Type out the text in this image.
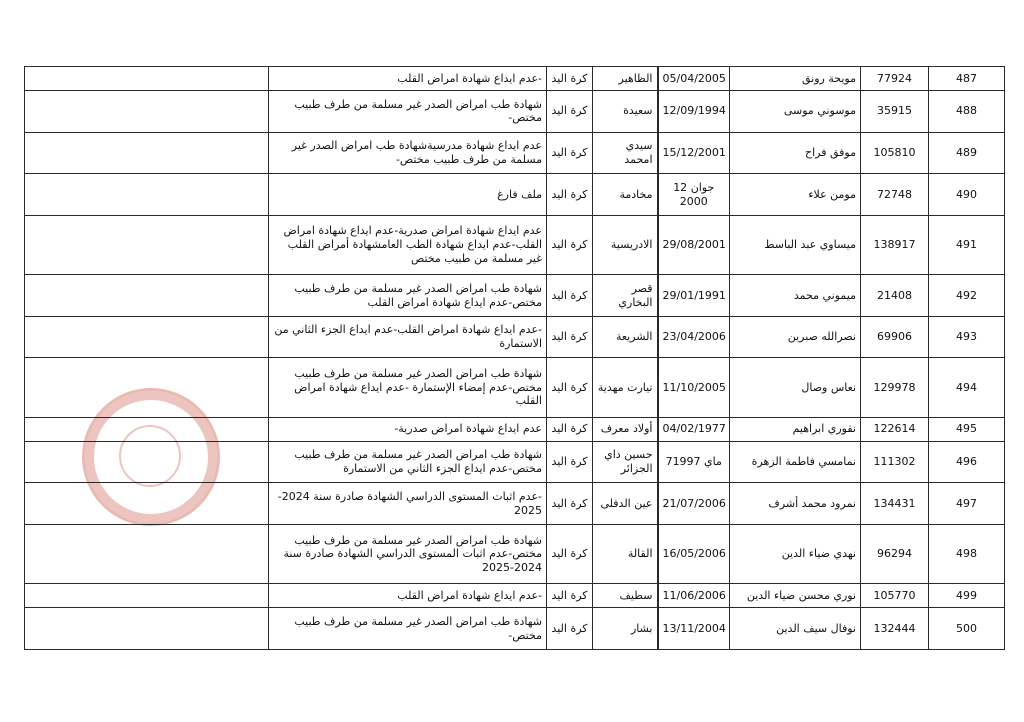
487	77924	مويحة رونق	05/04/2005	الظاهير	كرة اليد	-عدم ايداع شهادة امراض القلب	
488	35915	موسوني موسى	12/09/1994	سعيدة	كرة اليد	شهادة طب امراض الصدر غير مسلمة من طرف طبيب مختص-	
489	105810	موفق فراح	15/12/2001	سيدي امحمد	كرة اليد	عدم ايداع شهادة مدرسيةشهادة طب امراض الصدر غير مسلمة من طرف طبيب مختص-	
490	72748	مومن علاء	12 جوان 2000	مخادمة	كرة اليد	ملف فارغ	
491	138917	ميساوي عبد الباسط	29/08/2001	الادريسية	كرة اليد	عدم ايداع شهادة امراض صدرية-عدم ايداع شهادة امراض القلب-عدم ايداع شهادة الطب العامشهادة أمراض القلب غير مسلمة من طبيب مختص	
492	21408	ميموني محمد	29/01/1991	قصر البخاري	كرة اليد	شهادة طب امراض الصدر غير مسلمة من طرف طبيب مختص-عدم ايداع شهادة امراض القلب	
493	69906	نصرالله صبرين	23/04/2006	الشريعة	كرة اليد	-عدم ايداع شهادة امراض القلب-عدم ايداع الجزء الثاني من الاستمارة	
494	129978	نعاس وصال	11/10/2005	تيارت مهدية	كرة اليد	شهادة طب امراض الصدر غير مسلمة من طرف طبيب مختص-عدم إمضاء الإستمارة -عدم ايداع شهادة امراض القلب	
495	122614	نقوري ابراهيم	04/02/1977	أولاد معرف	كرة اليد	عدم ايداع شهادة امراض صدرية-	
496	111302	نمامسي فاطمة الزهرة	7ماي 1997	حسين داي الجزائر	كرة اليد	شهادة طب امراض الصدر غير مسلمة من طرف طبيب مختص-عدم ايداع الجزء الثاني من الاستمارة	
497	134431	نمرود محمد أشرف	21/07/2006	عين الدفلى	كرة اليد	-عدم اثبات المستوى الدراسي الشهادة صادرة سنة 2024-2025	
498	96294	نهدي ضياء الدين	16/05/2006	القالة	كرة اليد	شهادة طب امراض الصدر غير مسلمة من طرف طبيب مختص-عدم اثبات المستوى الدراسي الشهادة صادرة سنة 2024-2025	
499	105770	نوري محسن ضياء الدين	11/06/2006	سطيف	كرة اليد	-عدم ايداع شهادة امراض القلب	
500	132444	نوفال سيف الدين	13/11/2004	بشار	كرة اليد	شهادة طب امراض الصدر غير مسلمة من طرف طبيب مختص-	
